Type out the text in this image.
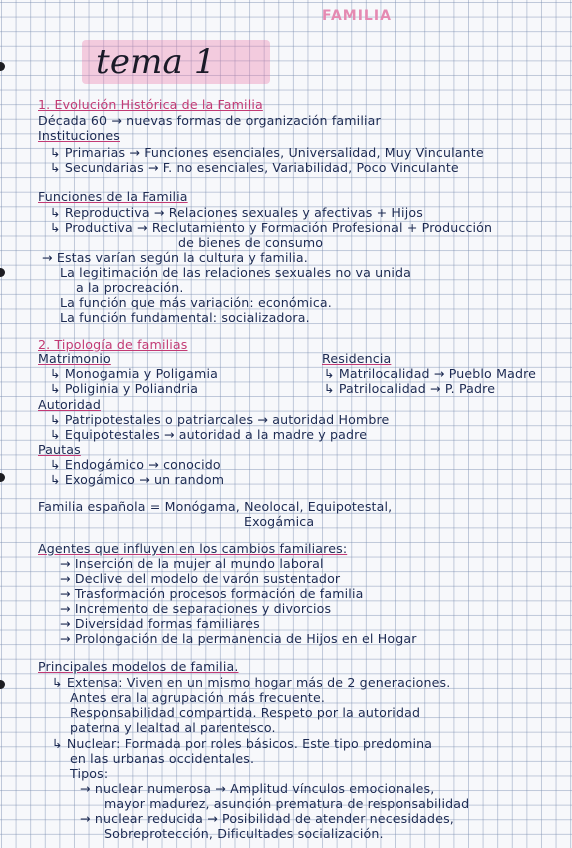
FAMILIA
tema 1
1. Evolución Histórica de la Familia
Década 60 → nuevas formas de organización familiar
Instituciones
↳ Primarias → Funciones esenciales, Universalidad, Muy Vinculante
↳ Secundarias → F. no esenciales, Variabilidad, Poco Vinculante
Funciones de la Familia
↳ Reproductiva → Relaciones sexuales y afectivas + Hijos
↳ Productiva → Reclutamiento y Formación Profesional + Producción
de bienes de consumo
→ Estas varían según la cultura y familia.
La legitimación de las relaciones sexuales no va unida
a la procreación.
La función que más variación: económica.
La función fundamental: socializadora.
2. Tipología de familias
Matrimonio
↳ Monogamia y Poligamia
↳ Poliginia y Poliandria
Residencia
↳ Matrilocalidad → Pueblo Madre
↳ Patrilocalidad → P. Padre
Autoridad
↳ Patripotestales o patriarcales → autoridad Hombre
↳ Equipotestales → autoridad a la madre y padre
Pautas
↳ Endogámico → conocido
↳ Exogámico → un random
Familia española = Monógama, Neolocal, Equipotestal,
Exogámica
Agentes que influyen en los cambios familiares:
→ Inserción de la mujer al mundo laboral
→ Declive del modelo de varón sustentador
→ Trasformación procesos formación de familia
→ Incremento de separaciones y divorcios
→ Diversidad formas familiares
→ Prolongación de la permanencia de Hijos en el Hogar
Principales modelos de familia.
↳ Extensa: Viven en un mismo hogar más de 2 generaciones.
Antes era la agrupación más frecuente.
Responsabilidad compartida. Respeto por la autoridad
paterna y lealtad al parentesco.
↳ Nuclear: Formada por roles básicos. Este tipo predomina
en las urbanas occidentales.
Tipos:
→ nuclear numerosa → Amplitud vínculos emocionales,
mayor madurez, asunción prematura de responsabilidad
→ nuclear reducida → Posibilidad de atender necesidades,
Sobreprotección, Dificultades socialización.
